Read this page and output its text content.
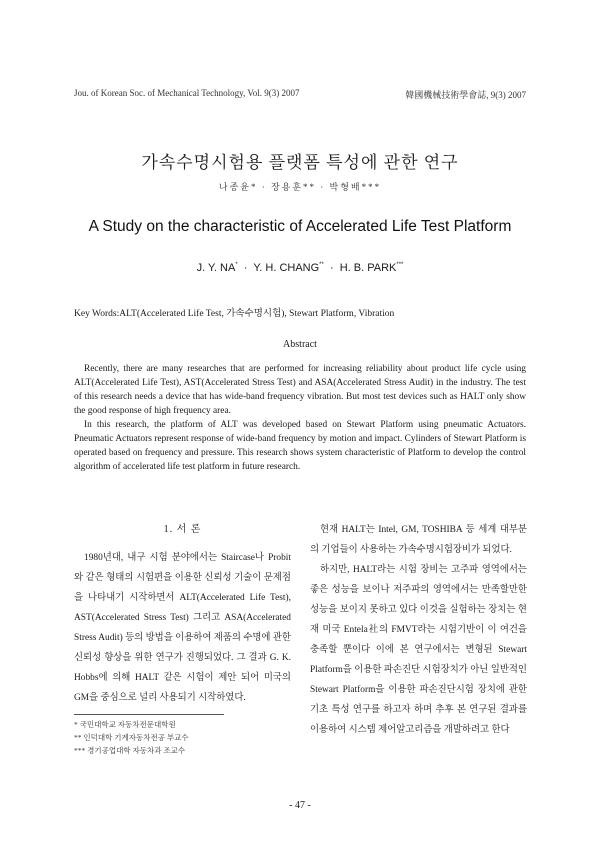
Jou. of Korean Soc. of Mechanical Technology, Vol. 9(3) 2007	韓國機械技術學會誌, 9(3) 2007
가속수명시험용 플랫폼 특성에 관한 연구
나종윤* · 장용훈** · 박형배***
A Study on the characteristic of Accelerated Life Test Platform
J. Y. NA*  ·  Y. H. CHANG**  ·  H. B. PARK***
Key Words:ALT(Accelerated Life Test, 가속수명시험), Stewart Platform, Vibration
Abstract

Recently, there are many researches that are performed for increasing reliability about product life cycle using ALT(Accelerated Life Test), AST(Accelerated Stress Test) and ASA(Accelerated Stress Audit) in the industry. The test of this research needs a device that has wide-band frequency vibration. But most test devices such as HALT only show the good response of high frequency area.

In this research, the platform of ALT was developed based on Stewart Platform using pneumatic Actuators. Pneumatic Actuators represent response of wide-band frequency by motion and impact. Cylinders of Stewart Platform is operated based on frequency and pressure. This research shows system characteristic of Platform to develop the control algorithm of accelerated life test platform in future research.

1. 서 론

1980년대, 내구 시험 분야에서는 Staircase나 Probit와 같은 형태의 시험편을 이용한 신뢰성 기술이 문제점을 나타내기 시작하면서 ALT(Accelerated Life Test), AST(Accelerated Stress Test) 그리고 ASA(Accelerated Stress Audit) 등의 방법을 이용하여 제품의 수명에 관한 신뢰성 향상을 위한 연구가 진행되었다. 그 결과 G. K. Hobbs에 의해 HALT 같은 시험이 제안 되어 미국의 GM을 중심으로 널리 사용되기 시작하였다.

현재 HALT는 Intel, GM, TOSHIBA 등 세계 대부분의 기업들이 사용하는 가속수명시험장비가 되었다.

하지만, HALT라는 시험 장비는 고주파 영역에서는 좋은 성능을 보이나 저주파의 영역에서는 만족할만한 성능을 보이지 못하고 있다 이것을 실험하는 장치는 현재 미국 Entela社의 FMVT라는 시험기반이 이 여건을 충족할 뿐이다 이에 본 연구에서는 변형된 Stewart Platform을 이용한 파손진단 시험장치가 아닌 일반적인 Stewart Platform을 이용한 파손진단시험 장치에 관한 기초 특성 연구를 하고자 하며 추후 본 연구된 결과를 이용하여 시스템 제어알고리즘을 개발하려고 한다

* 국민대학교 자동차전문대학원
** 인덕대학 기계자동차전공 부교수
*** 경기공업대학 자동차과 조교수
- 47 -
